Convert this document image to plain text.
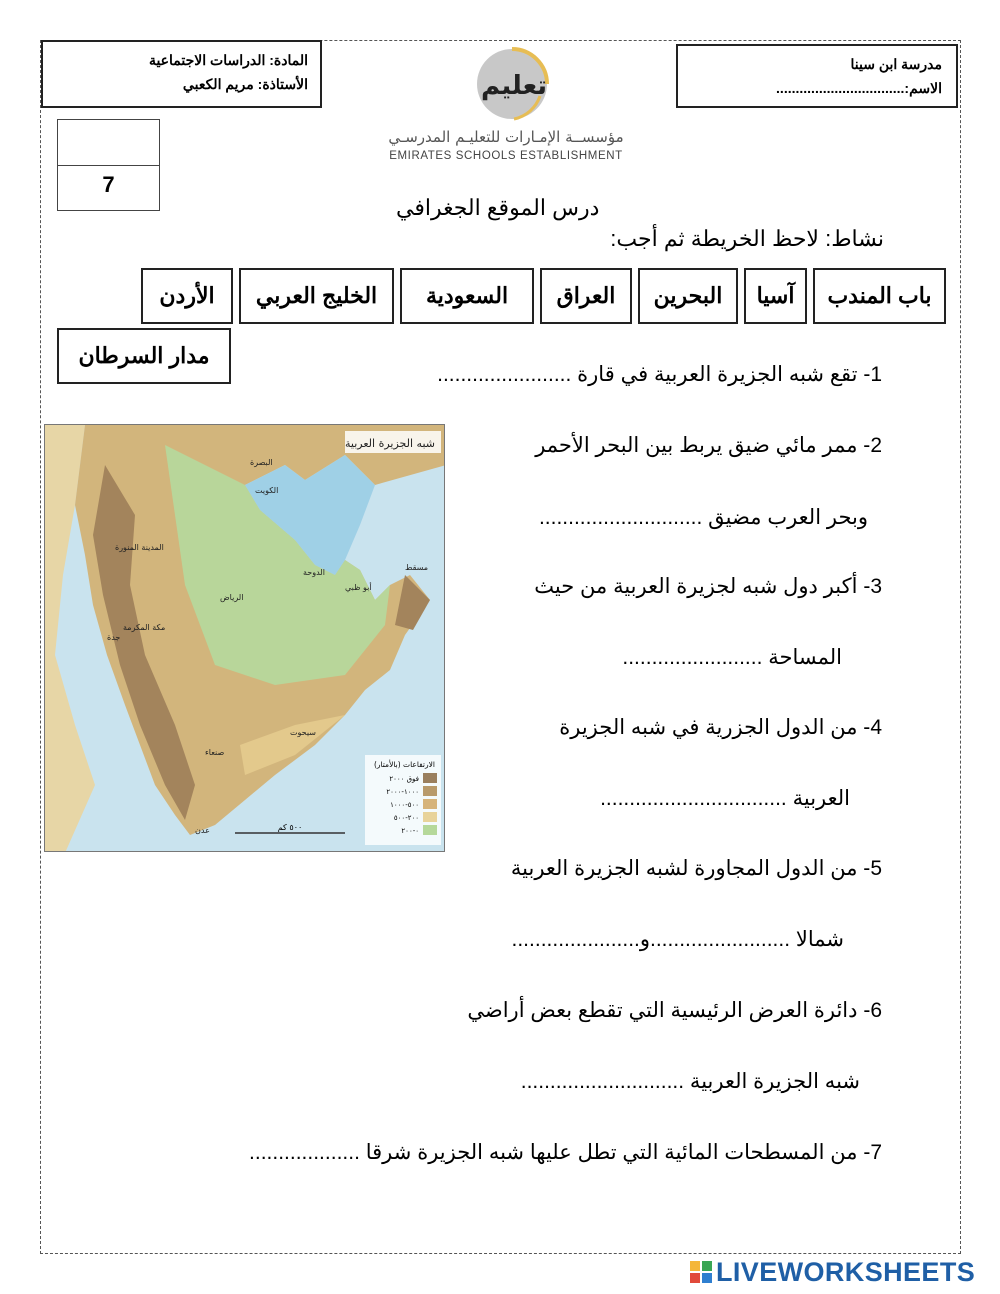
المادة: الدراسات الاجتماعية
الأستاذة: مريم الكعبي
مدرسة ابن سينا
الاسم:.................................
7
تعليم
مؤسســة الإمـارات للتعليـم المدرسـي
EMIRATES SCHOOLS ESTABLISHMENT
درس الموقع الجغرافي
نشاط: لاحظ الخريطة ثم أجب:
باب المندب
آسيا
البحرين
العراق
السعودية
الخليج العربي
الأردن
مدار السرطان
1- تقع شبه الجزيرة العربية في قارة .......................
2- ممر مائي ضيق يربط بين البحر الأحمر
وبحر العرب مضيق ............................
3- أكبر دول شبه لجزيرة العربية من حيث
المساحة ........................
4- من الدول الجزرية في شبه الجزيرة
العربية ................................
5- من الدول المجاورة لشبه الجزيرة العربية
شمالا ........................و......................
6- دائرة العرض الرئيسية التي تقطع بعض أراضي
شبه الجزيرة العربية ............................
7- من المسطحات المائية التي تطل عليها شبه الجزيرة شرقا ...................
شبه الجزيرة العربية
الرياض
الكويت
الدوحة
أبو ظبي
مسقط
صنعاء
جدة
مكة المكرمة
المدينة المنورة
عدن
سيحوت
البصرة
الارتفاعات (بالأمتار)
فوق ٢٠٠٠
١٠٠٠-٢٠٠٠
٥٠٠-١٠٠٠
٢٠٠-٥٠٠
٠-٢٠٠
٥٠٠ كم
LIVEWORKSHEETS
